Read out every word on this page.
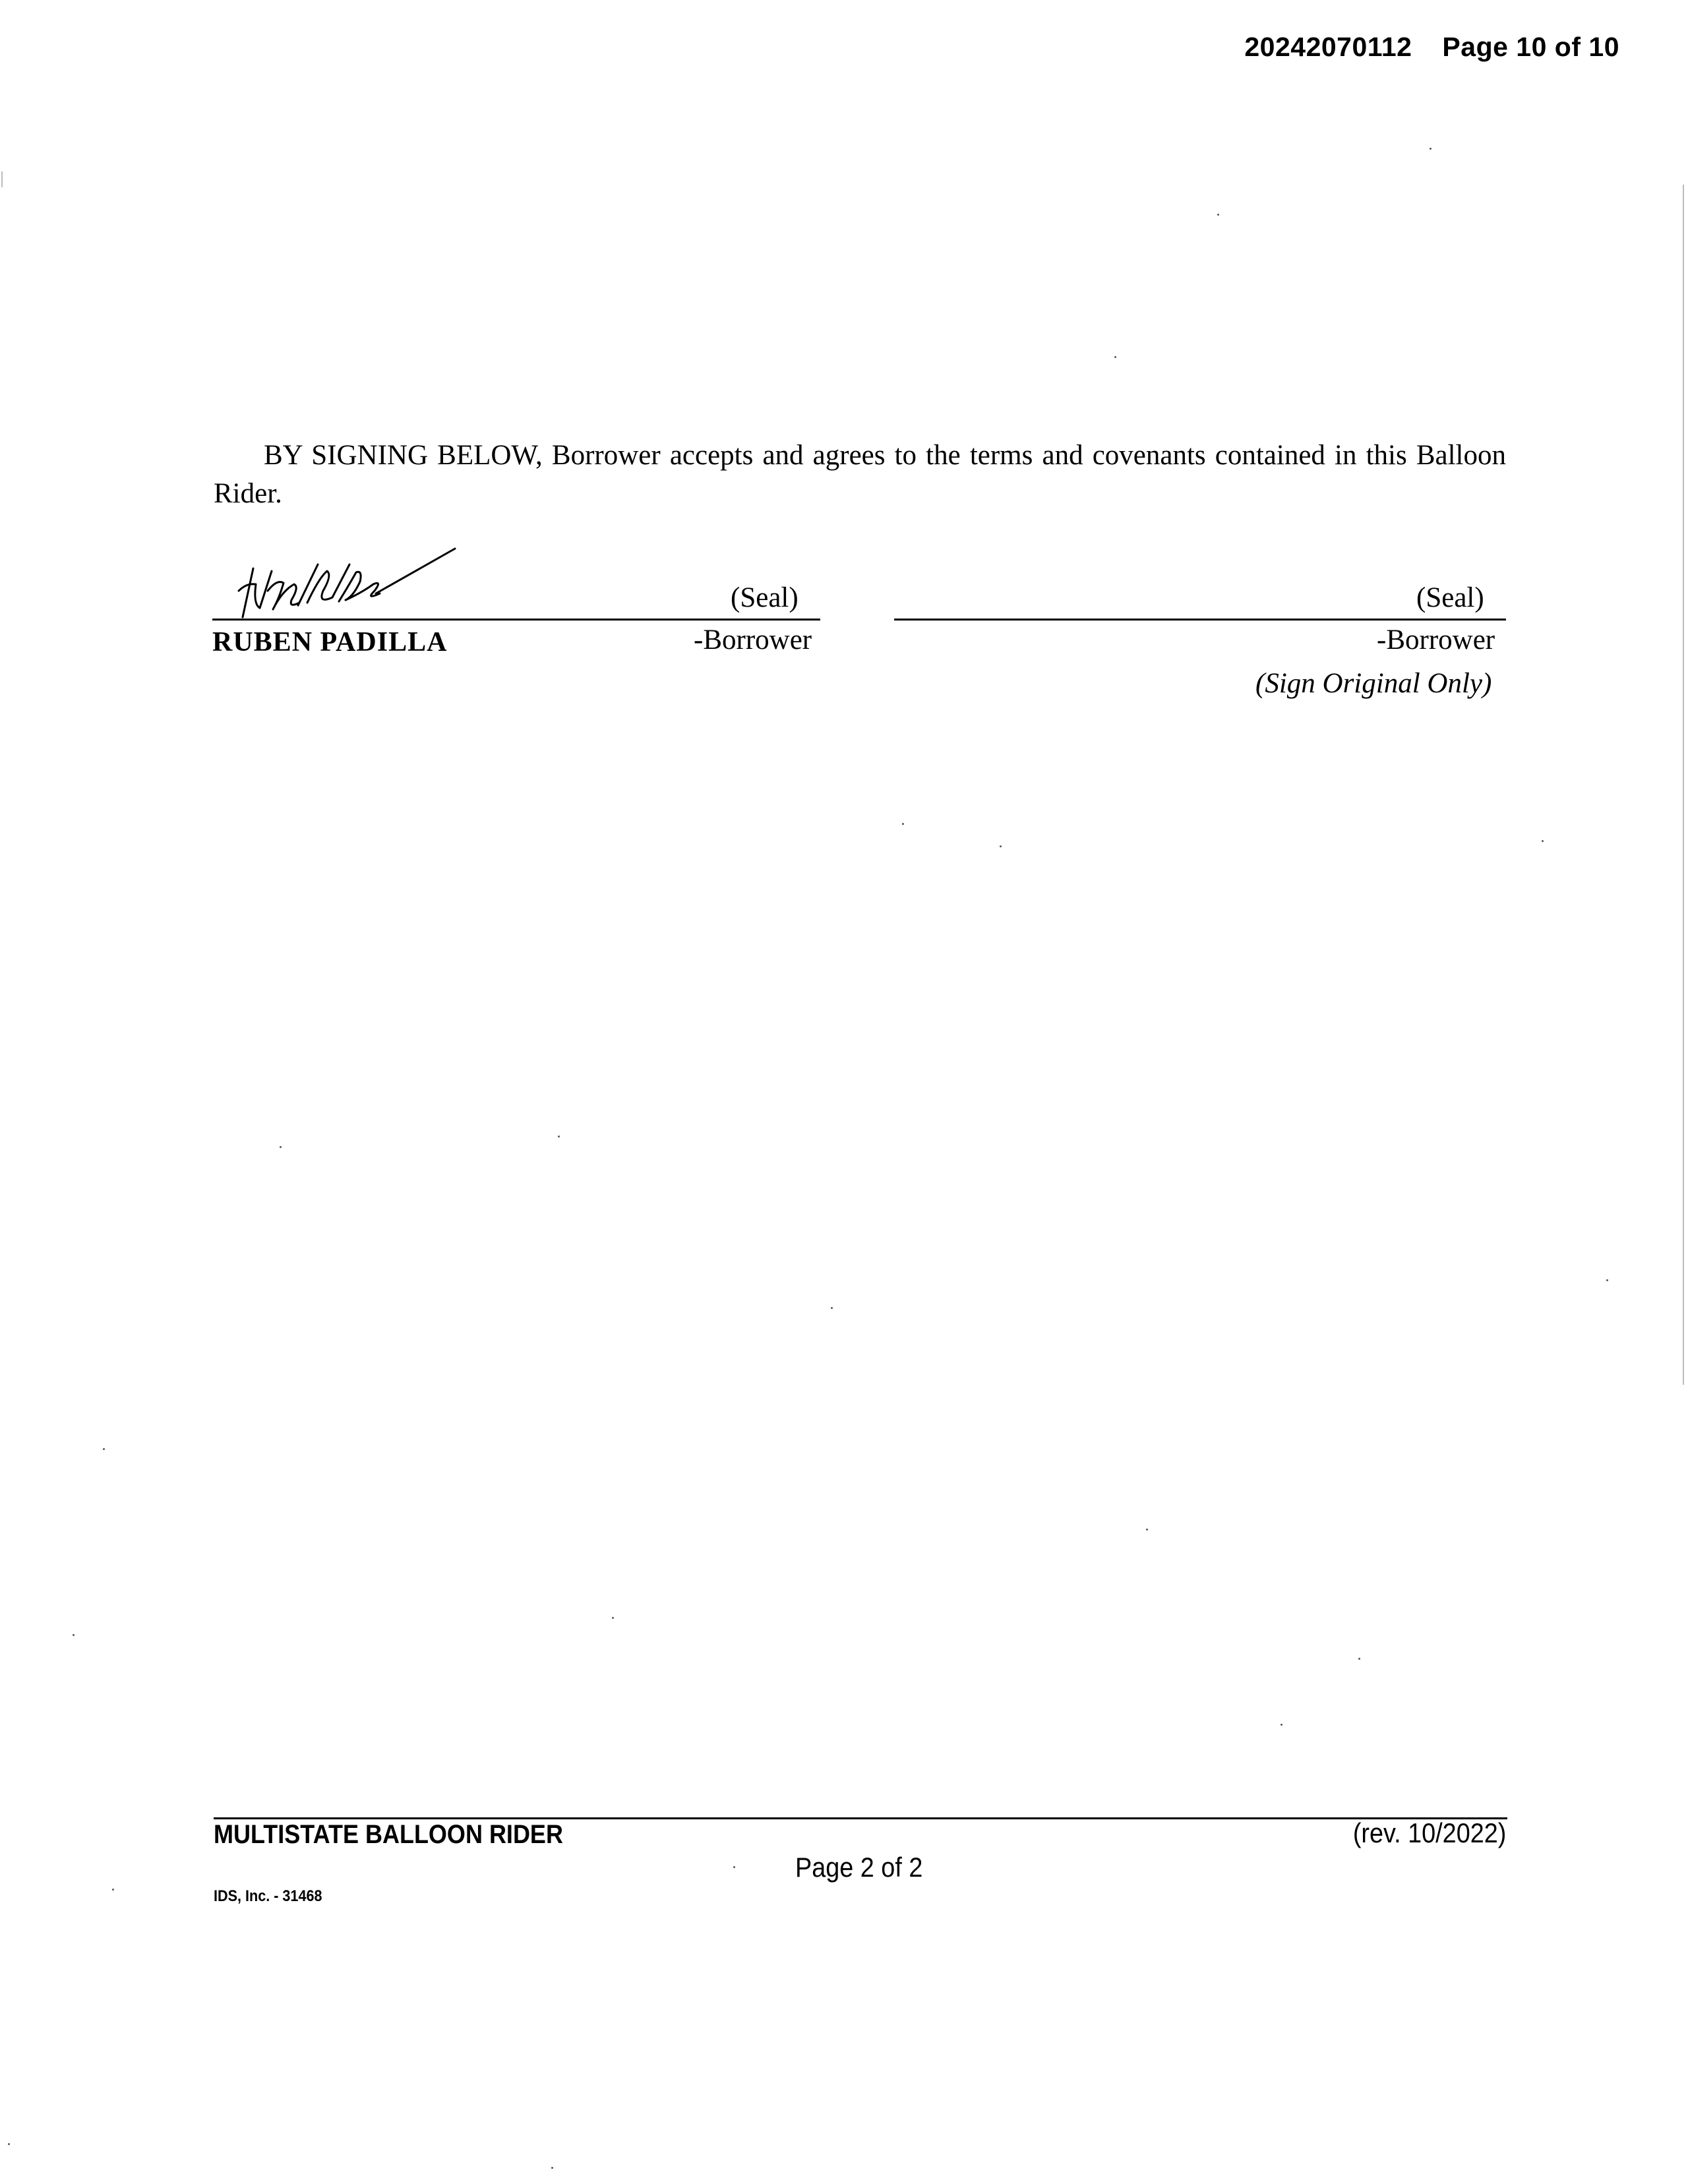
20242070112 Page 10 of 10

BY SIGNING BELOW, Borrower accepts and agrees to the terms and covenants contained in this Balloon Rider.

(Seal)
RUBEN PADILLA	-Borrower
(Seal)
-Borrower
(Sign Original Only)
MULTISTATE BALLOON RIDER	(rev. 10/2022)
Page 2 of 2
IDS, Inc. - 31468
